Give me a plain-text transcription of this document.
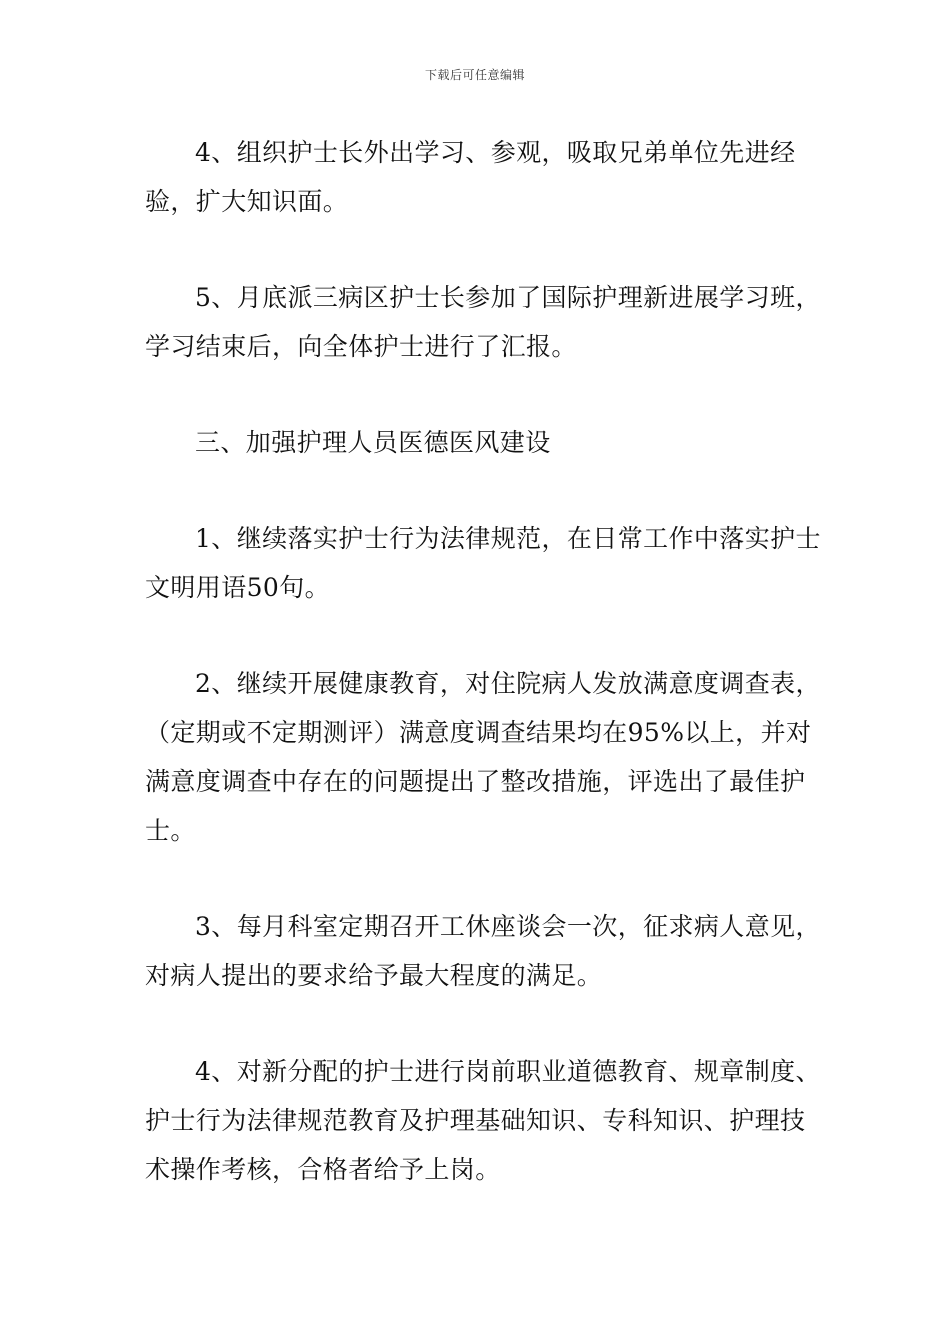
下载后可任意编辑

4、组织护士长外出学习、参观，吸取兄弟单位先进经验，扩大知识面。

5、月底派三病区护士长参加了国际护理新进展学习班，学习结束后，向全体护士进行了汇报。

三、加强护理人员医德医风建设

1、继续落实护士行为法律规范，在日常工作中落实护士文明用语50句。

2、继续开展健康教育，对住院病人发放满意度调查表，（定期或不定期测评）满意度调查结果均在95%以上，并对满意度调查中存在的问题提出了整改措施，评选出了最佳护士。

3、每月科室定期召开工休座谈会一次，征求病人意见，对病人提出的要求给予最大程度的满足。

4、对新分配的护士进行岗前职业道德教育、规章制度、护士行为法律规范教育及护理基础知识、专科知识、护理技术操作考核，合格者给予上岗。
